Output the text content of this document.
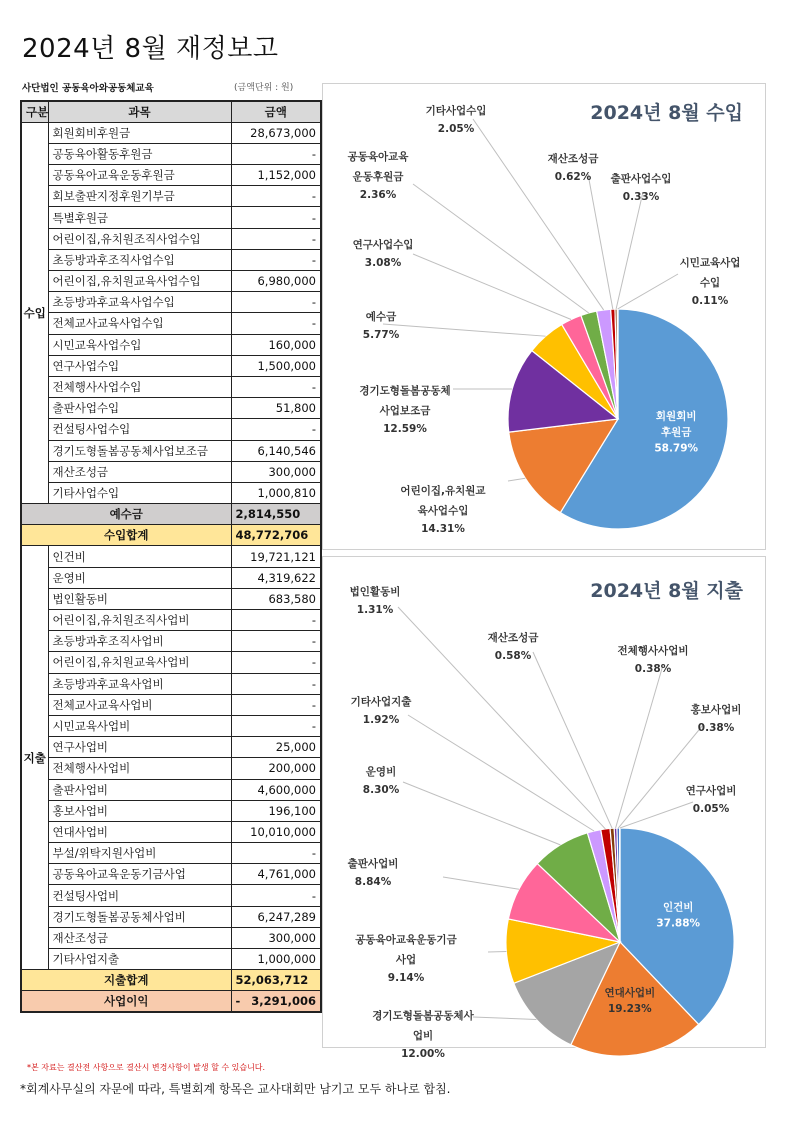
2024년 8월 재정보고
사단법인 공동육아와공동체교육	(금액단위 : 원)
구분	과목	금액
수입	회원회비후원금	28,673,000
	공동육아활동후원금	-
	공동육아교육운동후원금	1,152,000
	회보출판지정후원기부금	-
	특별후원금	-
	어린이집,유치원조직사업수입	-
	초등방과후조직사업수입	-
	어린이집,유치원교육사업수입	6,980,000
	초등방과후교육사업수입	-
	전체교사교육사업수입	-
	시민교육사업수입	160,000
	연구사업수입	1,500,000
	전체행사사업수입	-
	출판사업수입	51,800
	컨설팅사업수입	-
	경기도형돌봄공동체사업보조금	6,140,546
	재산조성금	300,000
	기타사업수입	1,000,810
예수금		2,814,550
수입합계		48,772,706
지출	인건비	19,721,121
	운영비	4,319,622
	법인활동비	683,580
	어린이집,유치원조직사업비	-
	초등방과후조직사업비	-
	어린이집,유치원교육사업비	-
	초등방과후교육사업비	-
	전체교사교육사업비	-
	시민교육사업비	-
	연구사업비	25,000
	전체행사사업비	200,000
	출판사업비	4,600,000
	홍보사업비	196,100
	연대사업비	10,010,000
	부설/위탁지원사업비	-
	공동육아교육운동기금사업	4,761,000
	컨설팅사업비	-
	경기도형돌봄공동체사업비	6,247,289
	재산조성금	300,000
	기타사업지출	1,000,000
지출합계		52,063,712
사업이익		- 3,291,006
*본 자료는 결산전 사항으로 결산시 변경사항이 발생 할 수 있습니다.
*회계사무실의 자문에 따라, 특별회계 항목은 교사대회만 남기고 모두 하나로 합침.
2024년 8월 수입
회원회비
후원금
58.79%
어린이집,유치원교
육사업수입
14.31%
경기도형돌봄공동체
사업보조금
12.59%
예수금
5.77%
연구사업수입
3.08%
공동육아교육
운동후원금
2.36%
기타사업수입
2.05%
재산조성금
0.62% 출판사업수입
0.33%
시민교육사업
수입
0.11%
2024년 8월 지출
인건비
37.88%
연대사업비
19.23%
경기도형돌봄공동체사
업비
12.00%
공동육아교육운동기금
사업
9.14%
출판사업비
8.84%
운영비
8.30%
기타사업지출
1.92%
법인활동비
1.31%
재산조성금
0.58%	전체행사사업비
0.38%
홍보사업비
0.38%
연구사업비
0.05%
